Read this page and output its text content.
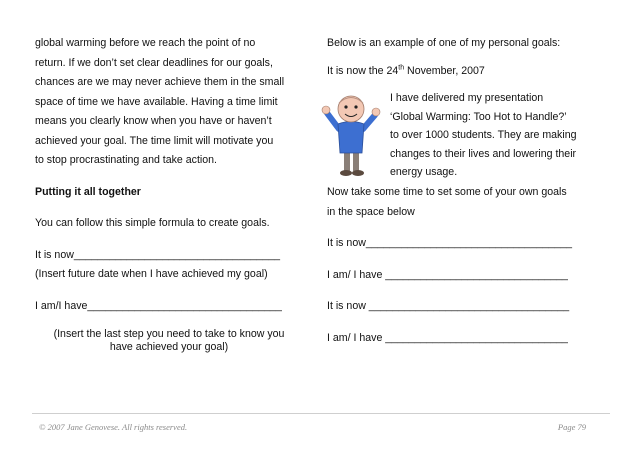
global warming before we reach the point of no

return. If we don’t set clear deadlines for our goals,

chances are we may never achieve them in the small

space of time we have available. Having a time limit

means you clearly know when you have or haven’t

achieved your goal. The time limit will motivate you

to stop procrastinating and take action.

Putting it all together

You can follow this simple formula to create goals.

It is now___________________________________

(Insert future date when I have achieved my goal)

I am/I have_________________________________

(Insert the last step you need to take to know you

have achieved your goal)

Below is an example of one of my personal goals:

It is now the 24th November, 2007

I have delivered my presentation
‘Global Warming: Too Hot to Handle?’
to over 1000 students. They are making
changes to their lives and lowering their
energy usage.

Now take some time to set some of your own goals

in the space below

It is now___________________________________

I am/ I have _______________________________

It is now __________________________________

I am/ I have _______________________________

© 2007 Jane Genovese. All rights reserved.	Page 79
